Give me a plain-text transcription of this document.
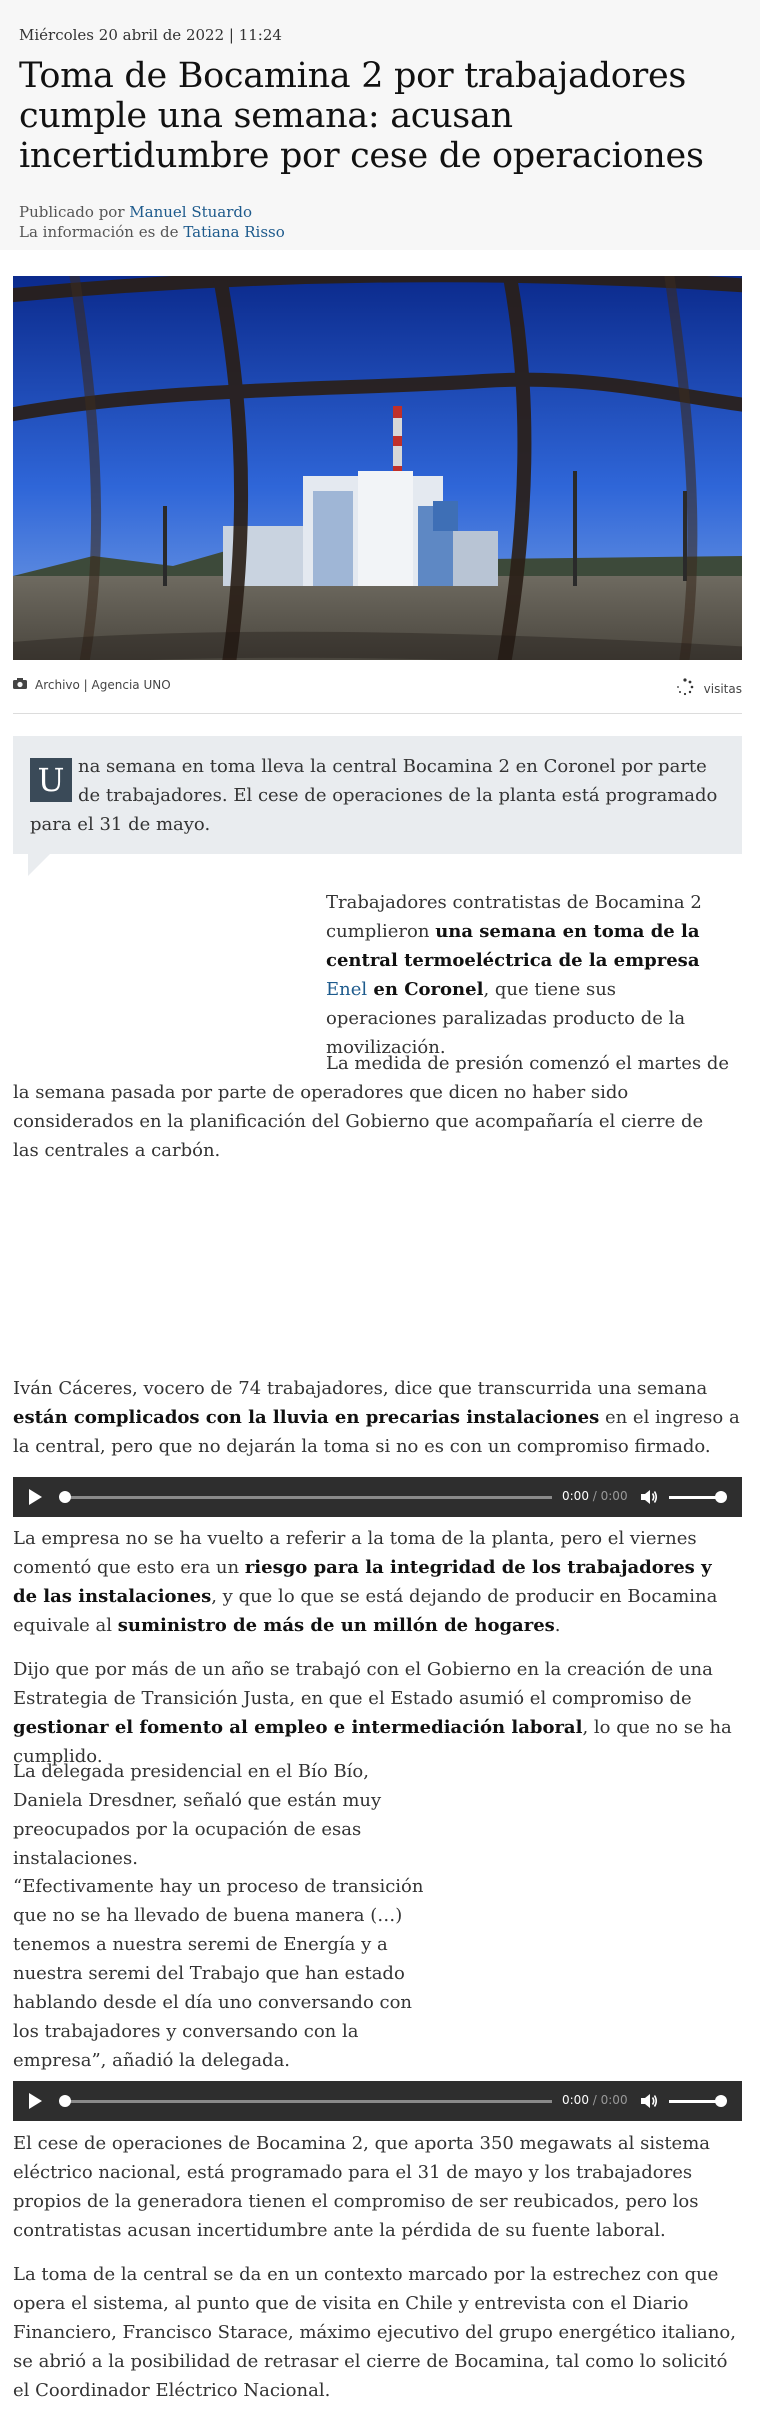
Miércoles 20 abril de 2022 | 11:24
Toma de Bocamina 2 por trabajadores cumple una semana: acusan incertidumbre por cese de operaciones
Publicado por Manuel Stuardo
La información es de Tatiana Risso
Archivo | Agencia UNO	visitas
U na semana en toma lleva la central Bocamina 2 en Coronel por parte de trabajadores. El cese de operaciones de la planta está programado para el 31 de mayo.

Trabajadores contratistas de Bocamina 2 cumplieron una semana en toma de la central termoeléctrica de la empresa Enel en Coronel, que tiene sus operaciones paralizadas producto de la movilización.

La medida de presión comenzó el martes de la semana pasada por parte de operadores que dicen no haber sido considerados en la planificación del Gobierno que acompañaría el cierre de las centrales a carbón.

Iván Cáceres, vocero de 74 trabajadores, dice que transcurrida una semana están complicados con la lluvia en precarias instalaciones en el ingreso a la central, pero que no dejarán la toma si no es con un compromiso firmado.

0:00 / 0:00

La empresa no se ha vuelto a referir a la toma de la planta, pero el viernes comentó que esto era un riesgo para la integridad de los trabajadores y de las instalaciones, y que lo que se está dejando de producir en Bocamina equivale al suministro de más de un millón de hogares.

Dijo que por más de un año se trabajó con el Gobierno en la creación de una Estrategia de Transición Justa, en que el Estado asumió el compromiso de gestionar el fomento al empleo e intermediación laboral, lo que no se ha cumplido.

La delegada presidencial en el Bío Bío, Daniela Dresdner, señaló que están muy preocupados por la ocupación de esas instalaciones.

“Efectivamente hay un proceso de transición que no se ha llevado de buena manera (…) tenemos a nuestra seremi de Energía y a nuestra seremi del Trabajo que han estado hablando desde el día uno conversando con los trabajadores y conversando con la empresa”, añadió la delegada.

0:00 / 0:00

El cese de operaciones de Bocamina 2, que aporta 350 megawats al sistema eléctrico nacional, está programado para el 31 de mayo y los trabajadores propios de la generadora tienen el compromiso de ser reubicados, pero los contratistas acusan incertidumbre ante la pérdida de su fuente laboral.

La toma de la central se da en un contexto marcado por la estrechez con que opera el sistema, al punto que de visita en Chile y entrevista con el Diario Financiero, Francisco Starace, máximo ejecutivo del grupo energético italiano, se abrió a la posibilidad de retrasar el cierre de Bocamina, tal como lo solicitó el Coordinador Eléctrico Nacional.
